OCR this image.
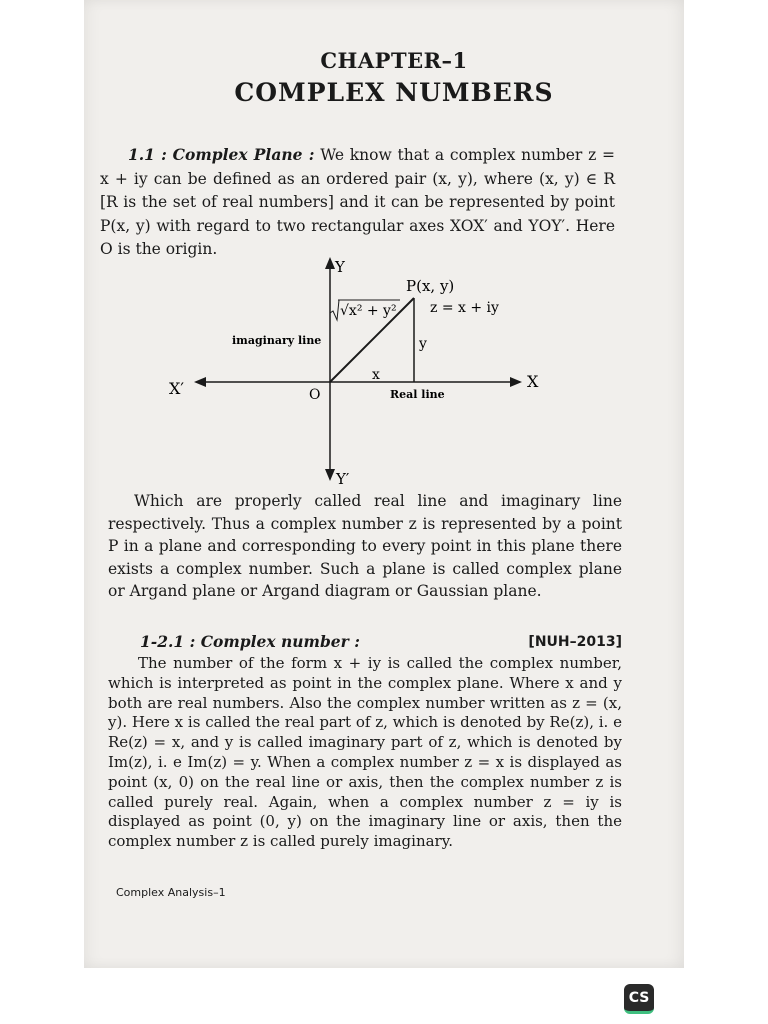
CHAPTER–1
COMPLEX NUMBERS
1.1 : Complex Plane : We know that a complex number z = x + iy can be defined as an ordered pair (x, y), where (x, y) ∈ R [R is the set of real numbers] and it can be represented by point P(x, y) with regard to two rectangular axes XOX′ and YOY′. Here O is the origin.
Y
Y′
X
X′	O
P(x, y)
√x² + y² z = x + iy
imaginary line
Real line
x
y
Which are properly called real line and imaginary line respectively. Thus a complex number z is represented by a point P in a plane and corresponding to every point in this plane there exists a complex number. Such a plane is called complex plane or Argand plane or Argand diagram or Gaussian plane.
1-2.1 : Complex number :	[NUH–2013]
The number of the form x + iy is called the complex number, which is interpreted as point in the complex plane. Where x and y both are real numbers. Also the complex number written as z = (x, y). Here x is called the real part of z, which is denoted by Re(z), i. e Re(z) = x, and y is called imaginary part of z, which is denoted by Im(z), i. e Im(z) = y. When a complex number z = x is displayed as point (x, 0) on the real line or axis, then the complex number z is called purely real. Again, when a complex number z = iy is displayed as point (0, y) on the imaginary line or axis, then the complex number z is called purely imaginary.
Complex Analysis–1
CS
